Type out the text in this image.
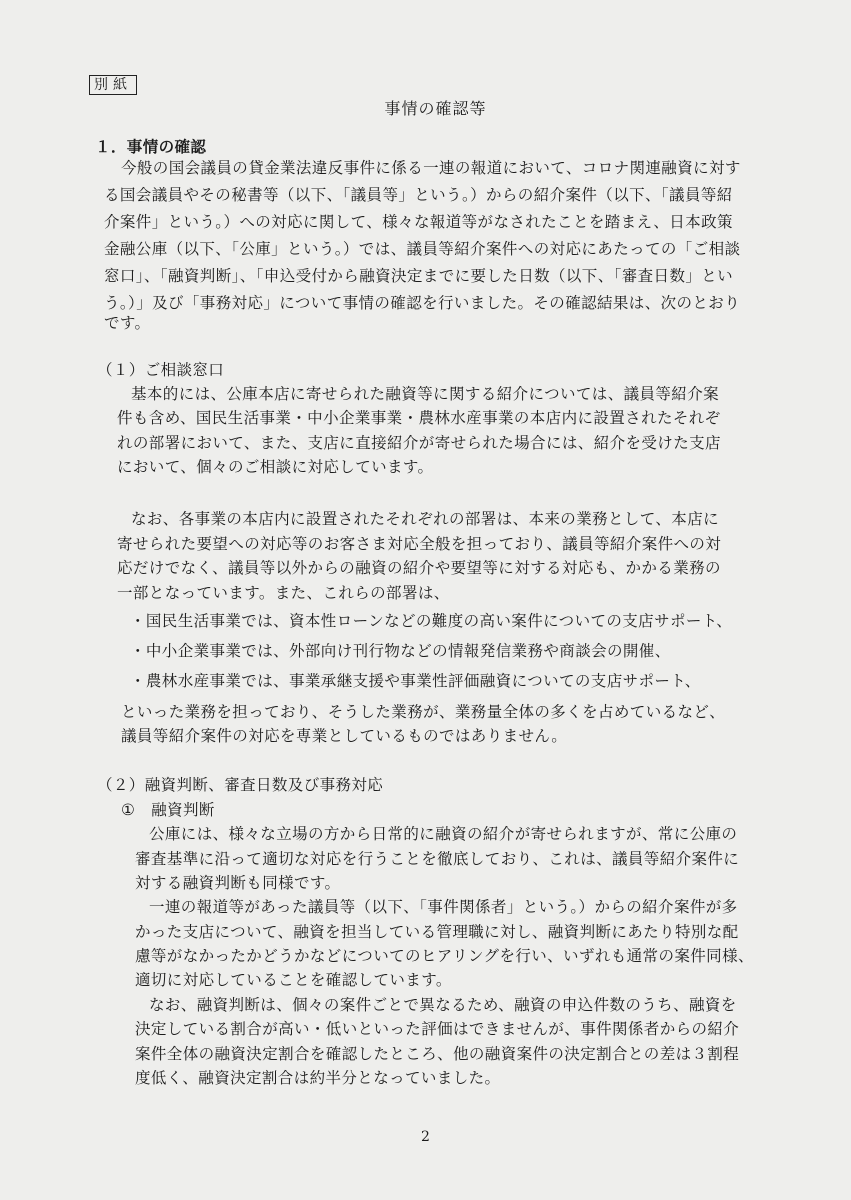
別紙
事情の確認等
１．事情の確認
今般の国会議員の貸金業法違反事件に係る一連の報道において、コロナ関連融資に対す
る国会議員やその秘書等（以下、「議員等」という。）からの紹介案件（以下、「議員等紹
介案件」という。）への対応に関して、様々な報道等がなされたことを踏まえ、日本政策
金融公庫（以下、「公庫」という。）では、議員等紹介案件への対応にあたっての「ご相談
窓口」、「融資判断」、「申込受付から融資決定までに要した日数（以下、「審査日数」とい
う。）」及び「事務対応」について事情の確認を行いました。その確認結果は、次のとおり
です。
（１）ご相談窓口
基本的には、公庫本店に寄せられた融資等に関する紹介については、議員等紹介案
件も含め、国民生活事業・中小企業事業・農林水産事業の本店内に設置されたそれぞ
れの部署において、また、支店に直接紹介が寄せられた場合には、紹介を受けた支店
において、個々のご相談に対応しています。
なお、各事業の本店内に設置されたそれぞれの部署は、本来の業務として、本店に
寄せられた要望への対応等のお客さま対応全般を担っており、議員等紹介案件への対
応だけでなく、議員等以外からの融資の紹介や要望等に対する対応も、かかる業務の
一部となっています。また、これらの部署は、
・国民生活事業では、資本性ローンなどの難度の高い案件についての支店サポート、
・中小企業事業では、外部向け刊行物などの情報発信業務や商談会の開催、
・農林水産事業では、事業承継支援や事業性評価融資についての支店サポート、
といった業務を担っており、そうした業務が、業務量全体の多くを占めているなど、
議員等紹介案件の対応を専業としているものではありません。
（２）融資判断、審査日数及び事務対応
①　融資判断
公庫には、様々な立場の方から日常的に融資の紹介が寄せられますが、常に公庫の
審査基準に沿って適切な対応を行うことを徹底しており、これは、議員等紹介案件に
対する融資判断も同様です。
一連の報道等があった議員等（以下、「事件関係者」という。）からの紹介案件が多
かった支店について、融資を担当している管理職に対し、融資判断にあたり特別な配
慮等がなかったかどうかなどについてのヒアリングを行い、いずれも通常の案件同様、
適切に対応していることを確認しています。
なお、融資判断は、個々の案件ごとで異なるため、融資の申込件数のうち、融資を
決定している割合が高い・低いといった評価はできませんが、事件関係者からの紹介
案件全体の融資決定割合を確認したところ、他の融資案件の決定割合との差は３割程
度低く、融資決定割合は約半分となっていました。
2
